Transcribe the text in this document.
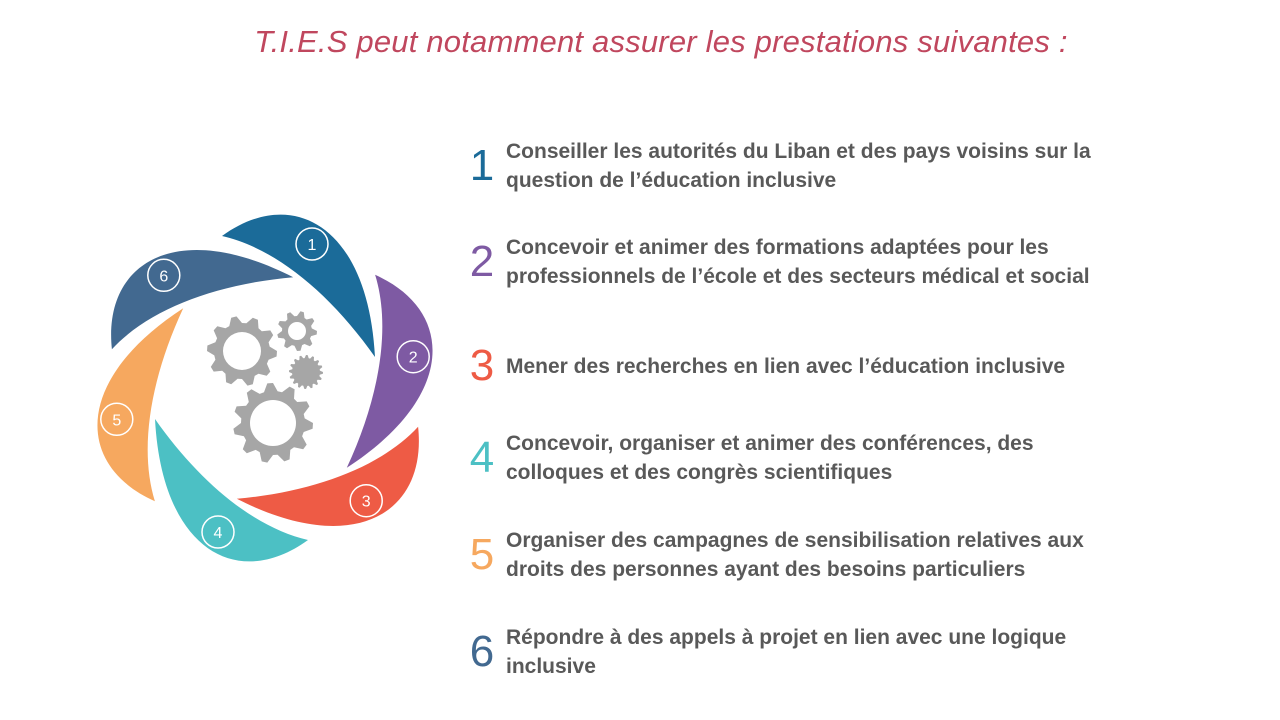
T.I.E.S peut notamment assurer les prestations suivantes :
1
2
3
4
5
6
1 Conseiller les autorités du Liban et des pays voisins sur la
question de l’éducation inclusive
2 Concevoir et animer des formations adaptées pour les
professionnels de l’école et des secteurs médical et social
3 Mener des recherches en lien avec l’éducation inclusive
4 Concevoir, organiser et animer des conférences, des
colloques et des congrès scientifiques
5 Organiser des campagnes de sensibilisation relatives aux
droits des personnes ayant des besoins particuliers
6 Répondre à des appels à projet en lien avec une logique
inclusive
